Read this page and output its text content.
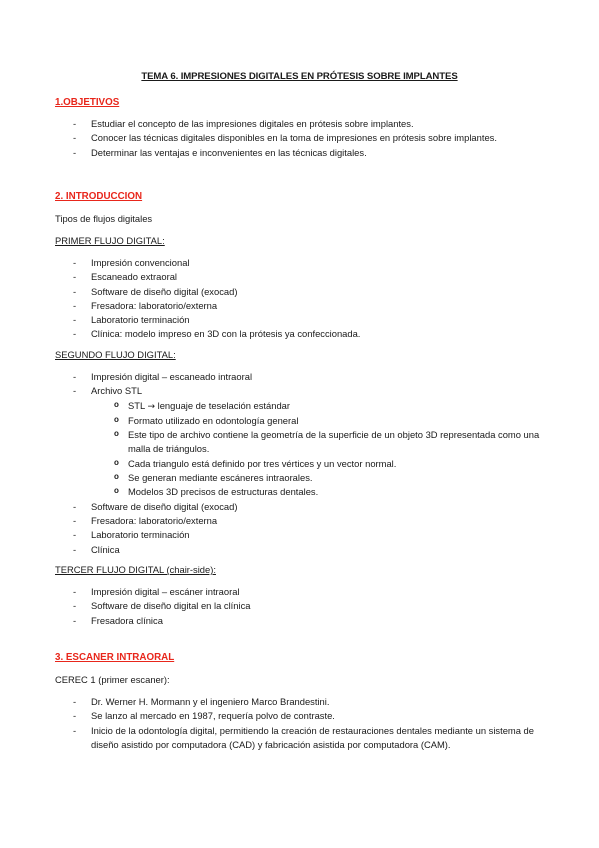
TEMA 6. IMPRESIONES DIGITALES EN PRÓTESIS SOBRE IMPLANTES
1.OBJETIVOS
- Estudiar el concepto de las impresiones digitales en prótesis sobre implantes.
- Conocer las técnicas digitales disponibles en la toma de impresiones en prótesis sobre implantes.
- Determinar las ventajas e inconvenientes en las técnicas digitales.
2. INTRODUCCION
Tipos de flujos digitales
PRIMER FLUJO DIGITAL:
- Impresión convencional
- Escaneado extraoral
- Software de diseño digital (exocad)
- Fresadora: laboratorio/externa
- Laboratorio terminación
- Clínica: modelo impreso en 3D con la prótesis ya confeccionada.
SEGUNDO FLUJO DIGITAL:
- Impresión digital – escaneado intraoral
- Archivo STL
o STL → lenguaje de teselación estándar
o Formato utilizado en odontología general
o Este tipo de archivo contiene la geometría de la superficie de un objeto 3D representada como una malla de triángulos.
o Cada triangulo está definido por tres vértices y un vector normal.
o Se generan mediante escáneres intraorales.
o Modelos 3D precisos de estructuras dentales.
- Software de diseño digital (exocad)
- Fresadora: laboratorio/externa
- Laboratorio terminación
- Clínica
TERCER FLUJO DIGITAL (chair-side):
- Impresión digital – escáner intraoral
- Software de diseño digital en la clínica
- Fresadora clínica
3. ESCANER INTRAORAL
CEREC 1 (primer escaner):
- Dr. Werner H. Mormann y el ingeniero Marco Brandestini.
- Se lanzo al mercado en 1987, requería polvo de contraste.
- Inicio de la odontología digital, permitiendo la creación de restauraciones dentales mediante un sistema de diseño asistido por computadora (CAD) y fabricación asistida por computadora (CAM).
